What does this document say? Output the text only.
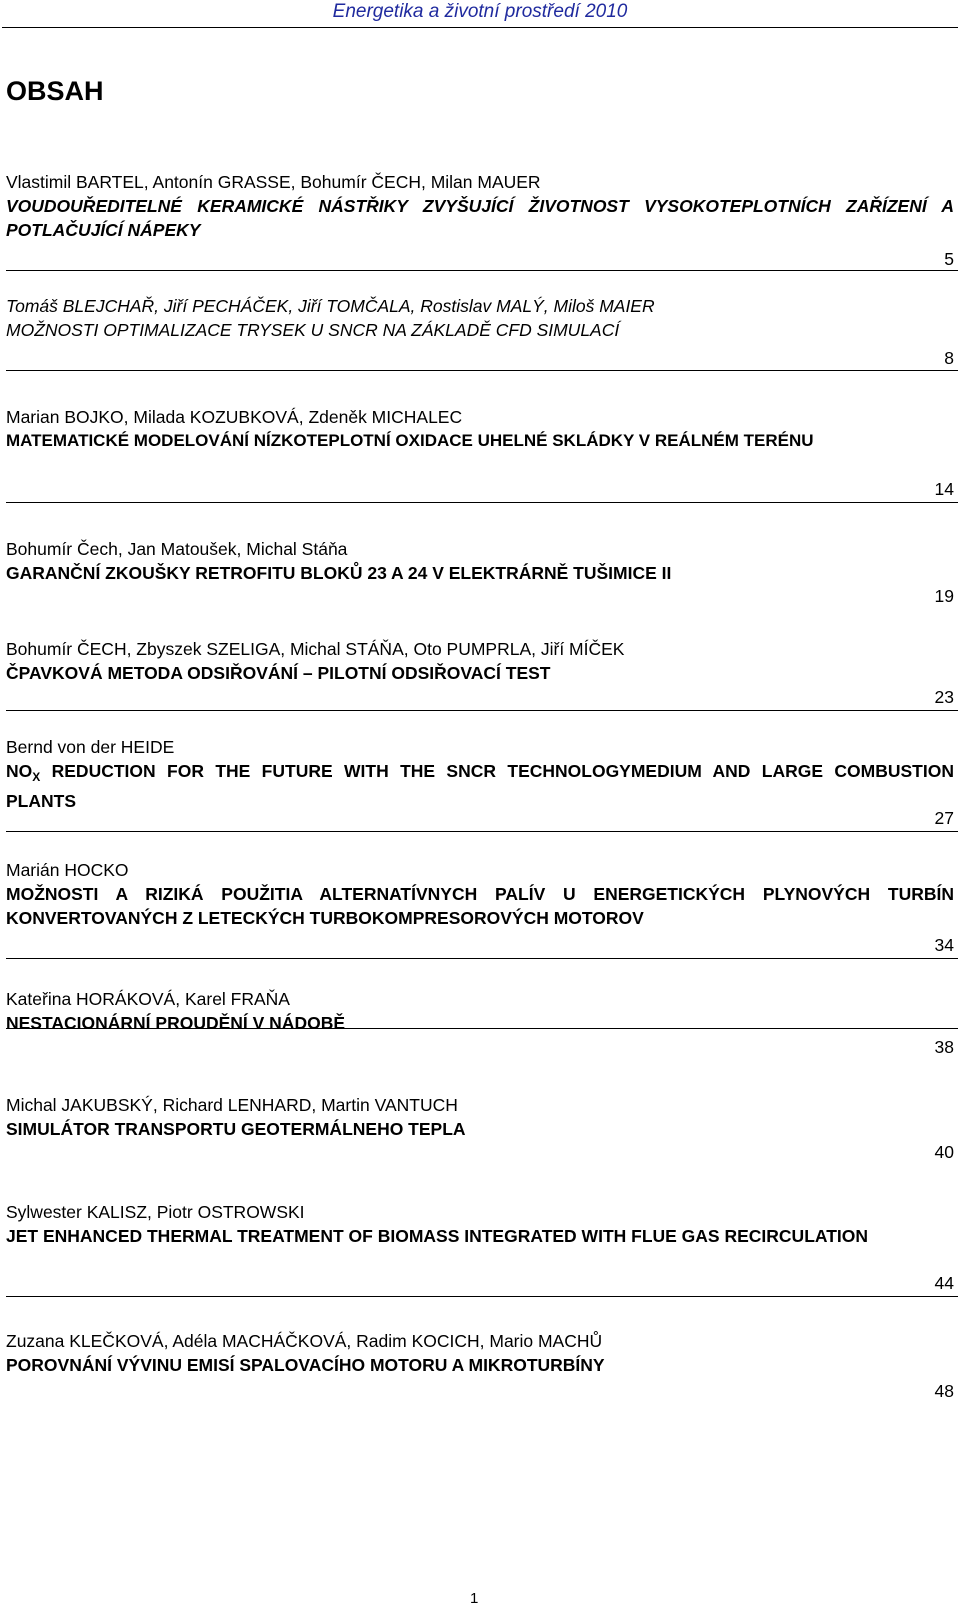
Energetika a životní prostředí 2010
OBSAH
Vlastimil BARTEL, Antonín GRASSE, Bohumír ČECH, Milan MAUER
VOUDOUŘEDITELNÉ KERAMICKÉ NÁSTŘIKY ZVYŠUJÍCÍ ŽIVOTNOST VYSOKOTEPLOTNÍCH ZAŘÍZENÍ A POTLAČUJÍCÍ NÁPEKY
5
Tomáš BLEJCHAŘ, Jiří PECHÁČEK, Jiří TOMČALA, Rostislav MALÝ, Miloš MAIER
MOŽNOSTI OPTIMALIZACE TRYSEK U SNCR NA ZÁKLADĚ CFD SIMULACÍ
8
Marian BOJKO, Milada KOZUBKOVÁ, Zdeněk MICHALEC
MATEMATICKÉ MODELOVÁNÍ NÍZKOTEPLOTNÍ OXIDACE UHELNÉ SKLÁDKY V REÁLNÉM TERÉNU
14
Bohumír Čech, Jan Matoušek, Michal Stáňa
GARANČNÍ ZKOUŠKY RETROFITU BLOKŮ 23 A 24 V ELEKTRÁRNĚ TUŠIMICE II
19
Bohumír ČECH, Zbyszek SZELIGA, Michal STÁŇA, Oto PUMPRLA, Jiří MÍČEK
ČPAVKOVÁ METODA ODSIŘOVÁNÍ – PILOTNÍ ODSIŘOVACÍ TEST
23
Bernd von der HEIDE
$NO_X$ REDUCTION FOR THE FUTURE WITH THE SNCR TECHNOLOGYMEDIUM AND LARGE COMBUSTION PLANTS
27
Marián HOCKO
MOŽNOSTI A RIZIKÁ POUŽITIA ALTERNATÍVNYCH PALÍV U ENERGETICKÝCH PLYNOVÝCH TURBÍN KONVERTOVANÝCH Z LETECKÝCH TURBOKOMPRESOROVÝCH MOTOROV
34
Kateřina HORÁKOVÁ, Karel FRAŇA
NESTACIONÁRNÍ PROUDĚNÍ V NÁDOBĚ
38
Michal JAKUBSKÝ, Richard LENHARD, Martin VANTUCH
SIMULÁTOR TRANSPORTU GEOTERMÁLNEHO TEPLA
40
Sylwester KALISZ, Piotr OSTROWSKI
JET ENHANCED THERMAL TREATMENT OF BIOMASS INTEGRATED WITH FLUE GAS RECIRCULATION
44
Zuzana KLEČKOVÁ, Adéla MACHÁČKOVÁ, Radim KOCICH, Mario MACHŮ
POROVNÁNÍ VÝVINU EMISÍ SPALOVACÍHO MOTORU A MIKROTURBÍNY
48
1
